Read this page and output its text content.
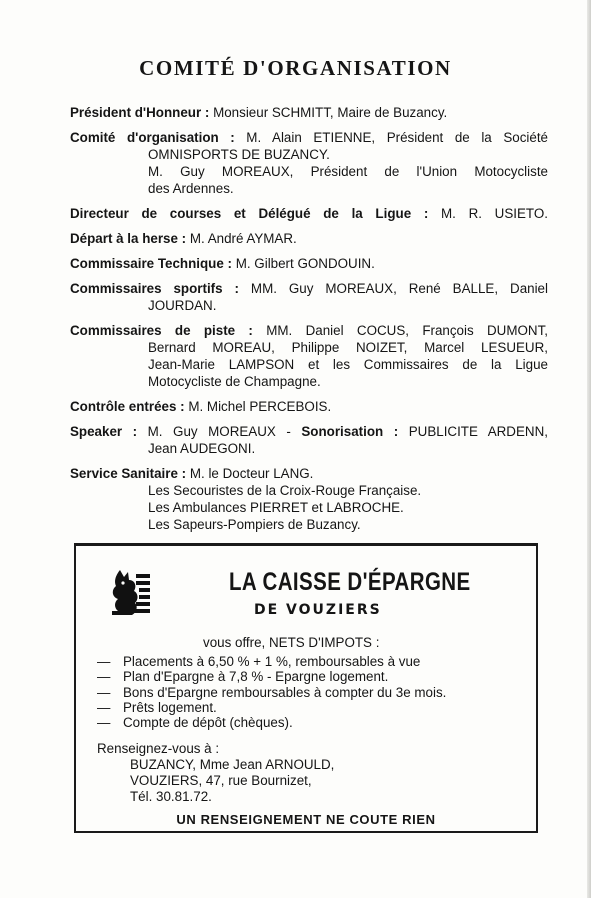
COMITÉ D'ORGANISATION
Président d'Honneur : Monsieur SCHMITT, Maire de Buzancy.
Comité d'organisation : M. Alain ETIENNE, Président de la Société
OMNISPORTS DE BUZANCY.
M. Guy MOREAUX, Président de l'Union Motocycliste
des Ardennes.
Directeur de courses et Délégué de la Ligue : M. R. USIETO.
Départ à la herse : M. André AYMAR.
Commissaire Technique : M. Gilbert GONDOUIN.
Commissaires sportifs : MM. Guy MOREAUX, René BALLE, Daniel
JOURDAN.
Commissaires de piste : MM. Daniel COCUS, François DUMONT,
Bernard MOREAU, Philippe NOIZET, Marcel LESUEUR,
Jean-Marie LAMPSON et les Commissaires de la Ligue
Motocycliste de Champagne.
Contrôle entrées : M. Michel PERCEBOIS.
Speaker : M. Guy MOREAUX - Sonorisation : PUBLICITE ARDENN,
Jean AUDEGONI.
Service Sanitaire : M. le Docteur LANG.
Les Secouristes de la Croix-Rouge Française.
Les Ambulances PIERRET et LABROCHE.
Les Sapeurs-Pompiers de Buzancy.
LA CAISSE D'ÉPARGNE
DE VOUZIERS
vous offre, NETS D'IMPOTS :
— Placements à 6,50 % + 1 %, remboursables à vue
— Plan d'Epargne à 7,8 % - Epargne logement.
— Bons d'Epargne remboursables à compter du 3e mois.
— Prêts logement.
— Compte de dépôt (chèques).
Renseignez-vous à :
BUZANCY, Mme Jean ARNOULD,
VOUZIERS, 47, rue Bournizet,
Tél. 30.81.72.
UN RENSEIGNEMENT NE COUTE RIEN
